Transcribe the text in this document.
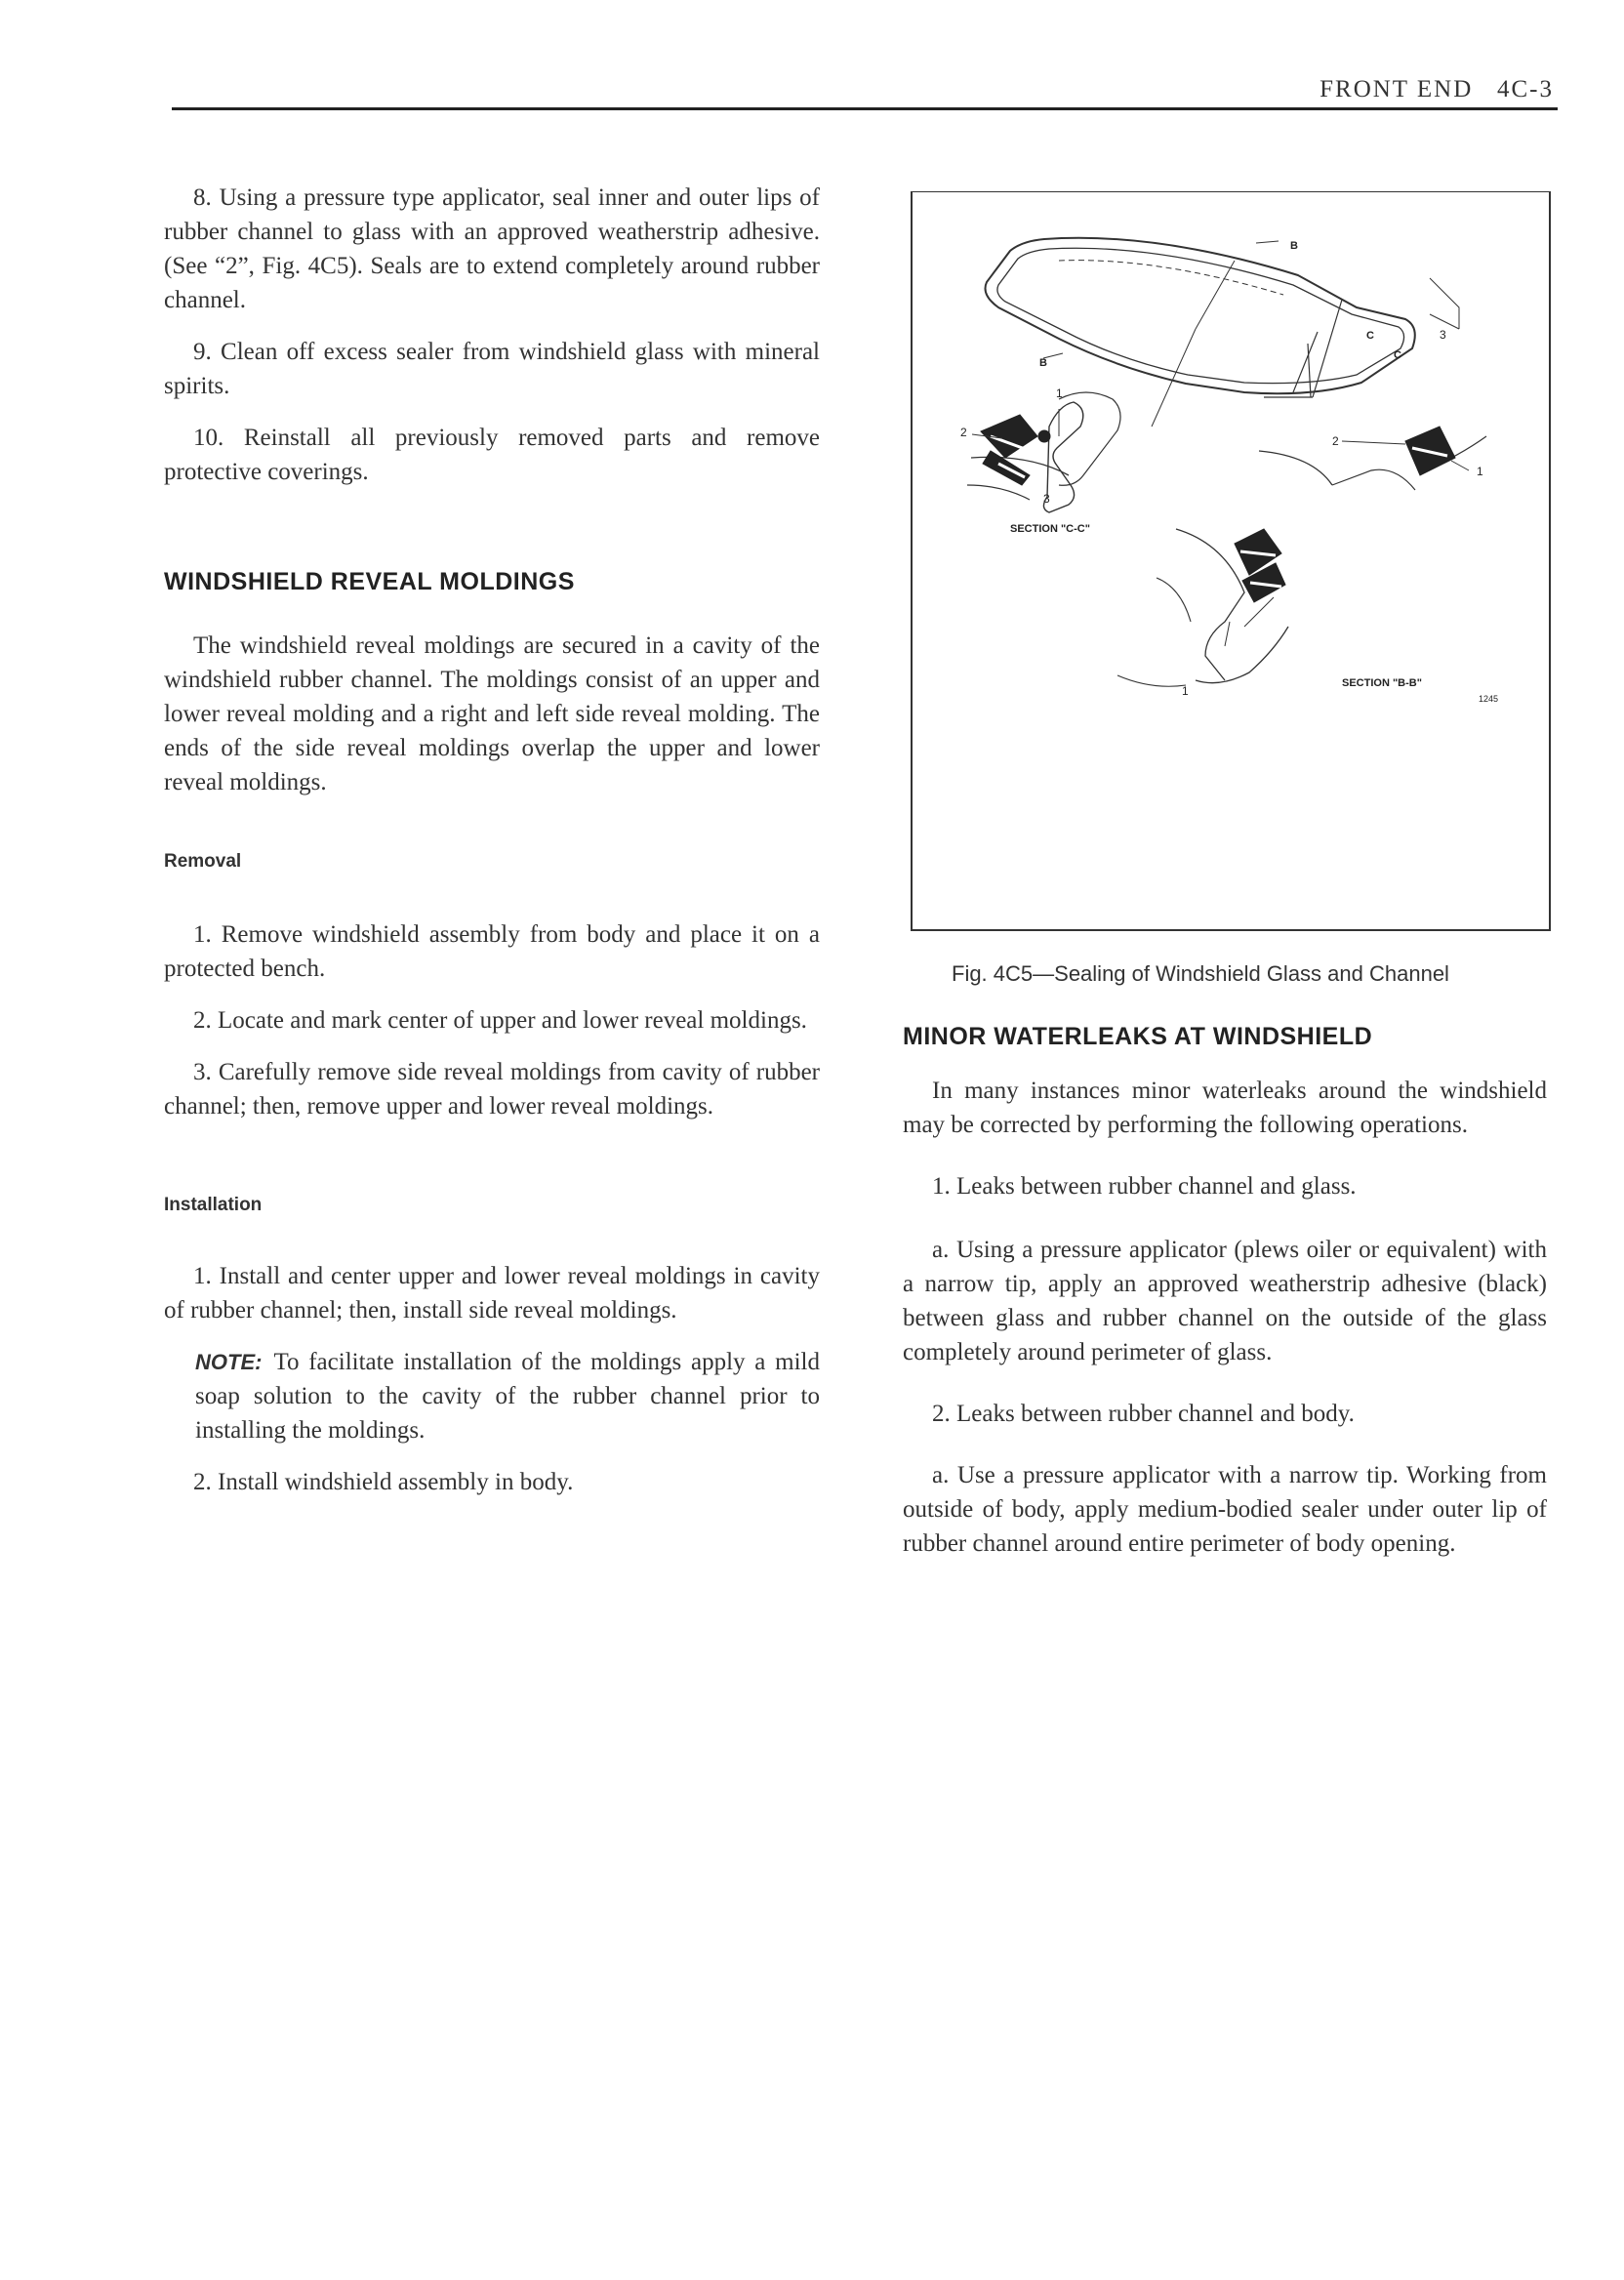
FRONT END 4C-3

8. Using a pressure type applicator, seal inner and outer lips of rubber channel to glass with an approved weatherstrip adhesive. (See “2”, Fig. 4C5). Seals are to extend completely around rubber channel.

9. Clean off excess sealer from windshield glass with mineral spirits.

10. Reinstall all previously removed parts and remove protective coverings.

WINDSHIELD REVEAL MOLDINGS

The windshield reveal moldings are secured in a cavity of the windshield rubber channel. The moldings consist of an upper and lower reveal molding and a right and left side reveal molding. The ends of the side reveal moldings overlap the upper and lower reveal moldings.

Removal

1. Remove windshield assembly from body and place it on a protected bench.

2. Locate and mark center of upper and lower reveal moldings.

3. Carefully remove side reveal moldings from cavity of rubber channel; then, remove upper and lower reveal moldings.

Installation

1. Install and center upper and lower reveal moldings in cavity of rubber channel; then, install side reveal moldings.

NOTE: To facilitate installation of the moldings apply a mild soap solution to the cavity of the rubber channel prior to installing the moldings.

2. Install windshield assembly in body.

B
B
C
C
3
1
2
3
SECTION "C-C"
2
1
1
SECTION "B-B"
1245
Fig. 4C5—Sealing of Windshield Glass and Channel

MINOR WATERLEAKS AT WINDSHIELD

In many instances minor waterleaks around the windshield may be corrected by performing the following operations.

1. Leaks between rubber channel and glass.

a. Using a pressure applicator (plews oiler or equivalent) with a narrow tip, apply an approved weatherstrip adhesive (black) between glass and rubber channel on the outside of the glass completely around perimeter of glass.

2. Leaks between rubber channel and body.

a. Use a pressure applicator with a narrow tip. Working from outside of body, apply medium-bodied sealer under outer lip of rubber channel around entire perimeter of body opening.
